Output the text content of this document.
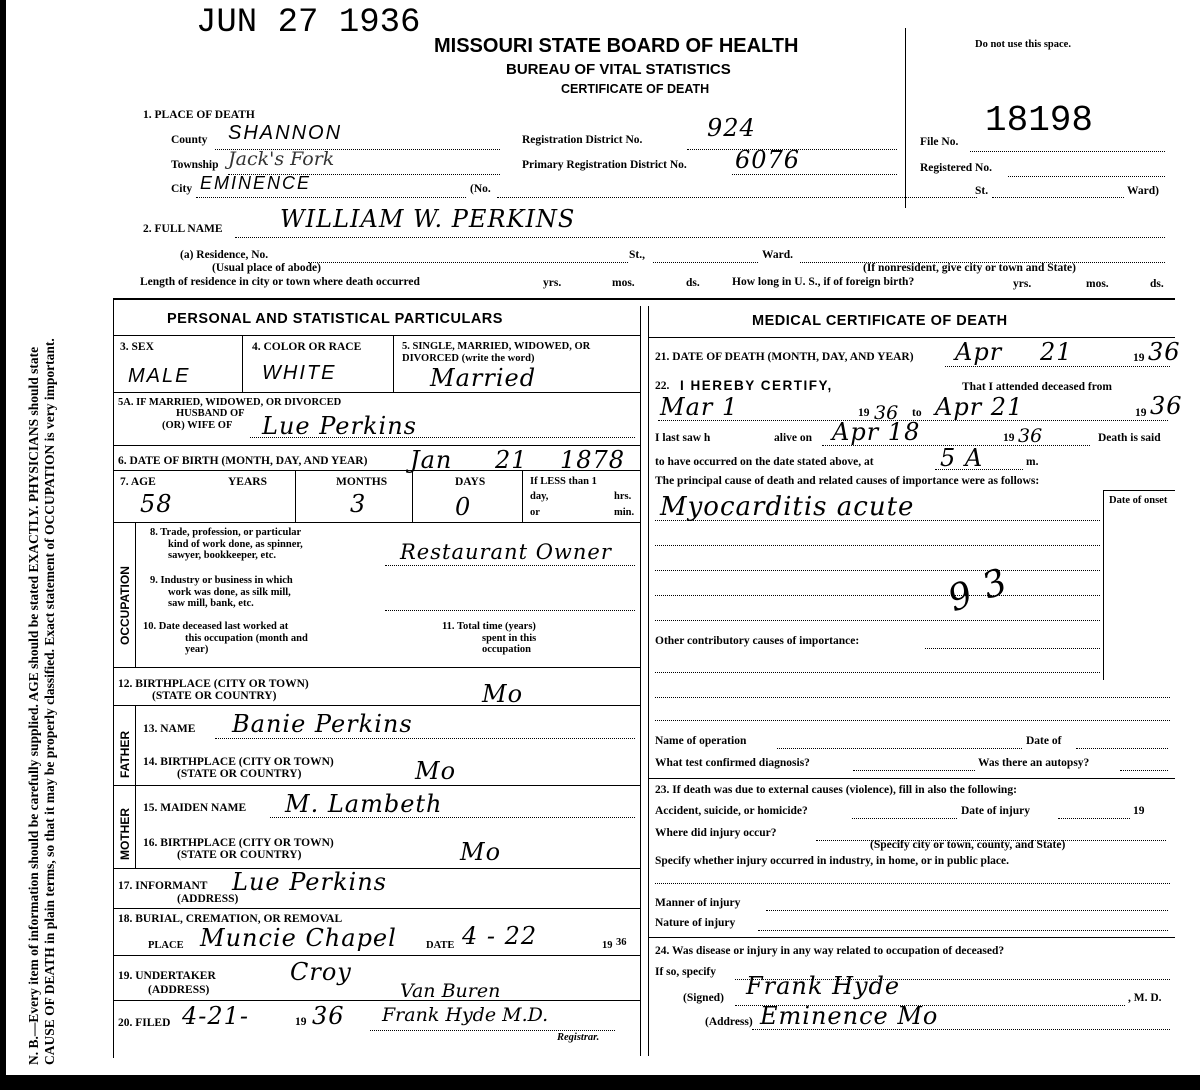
N. B.—Every item of information should be carefully supplied. AGE should be stated EXACTLY. PHYSICIANS should state CAUSE OF DEATH in plain terms, so that it may be properly classified. Exact statement of OCCUPATION is very important.
JUN 27 1936
MISSOURI STATE BOARD OF HEALTH
BUREAU OF VITAL STATISTICS
CERTIFICATE OF DEATH
Do not use this space.
18198
1. PLACE OF DEATH
County SHANNON
Township Jack's Fork
City EMINENCE	(No.	St.	Ward)
Registration District No.	924
Primary Registration District No. 6076
File No.
Registered No.
2. FULL NAME WILLIAM W. PERKINS
(a) Residence, No.	St.,	Ward.
(Usual place of abode)	(If nonresident, give city or town and State)
Length of residence in city or town where death occurred	yrs.	mos.	ds.	How long in U. S., if of foreign birth?	yrs.	mos.	ds.
PERSONAL AND STATISTICAL PARTICULARS
3. SEX
MALE
4. COLOR OR RACE
WHITE
5. SINGLE, MARRIED, WIDOWED, OR DIVORCED (write the word)
Married
5A. IF MARRIED, WIDOWED, OR DIVORCED
HUSBAND OF
(OR) WIFE OF Lue Perkins
6. DATE OF BIRTH (MONTH, DAY, AND YEAR) Jan 21 1878
7. AGE	YEARS	MONTHS	DAYS
58	3	0
If LESS than 1
day,	hrs.
or	min.
OCCUPATION
8. Trade, profession, or particular
kind of work done, as spinner,
sawyer, bookkeeper, etc.	Restaurant Owner
9. Industry or business in which
work was done, as silk mill,
saw mill, bank, etc.
10. Date deceased last worked at
this occupation (month and
year)
11. Total time (years)
spent in this
occupation
12. BIRTHPLACE (CITY OR TOWN)
(STATE OR COUNTRY)	Mo
FATHER
13. NAME Banie Perkins
14. BIRTHPLACE (CITY OR TOWN)
(STATE OR COUNTRY)	Mo
MOTHER 15. MAIDEN NAME M. Lambeth
16. BIRTHPLACE (CITY OR TOWN)
(STATE OR COUNTRY)	Mo
17. INFORMANT
(ADDRESS)
Lue Perkins
18. BURIAL, CREMATION, OR REMOVAL
PLACE Muncie Chapel	DATE 4 - 22	19 36
19. UNDERTAKER
(ADDRESS)
Croy
Van Buren
20. FILED 4-21-	19 36 Frank Hyde M.D.
Registrar.
MEDICAL CERTIFICATE OF DEATH
21. DATE OF DEATH (MONTH, DAY, AND YEAR) Apr 21	19 36
22. I HEREBY CERTIFY,	That I attended deceased from
Mar 1	19 36 to Apr 21	19 36
I last saw h	alive on Apr 18	19 36	Death is said
to have occurred on the date stated above, at	5 A	m.
The principal cause of death and related causes of importance were as follows:
Date of onset
Myocarditis acute
9 3
Other contributory causes of importance:
Name of operation	Date of
What test confirmed diagnosis?	Was there an autopsy?
23. If death was due to external causes (violence), fill in also the following:
Accident, suicide, or homicide?	Date of injury	19
Where did injury occur?
(Specify city or town, county, and State)
Specify whether injury occurred in industry, in home, or in public place.
Manner of injury
Nature of injury
24. Was disease or injury in any way related to occupation of deceased?
If so, specify
(Signed) Frank Hyde	, M. D.
(Address) Eminence Mo
